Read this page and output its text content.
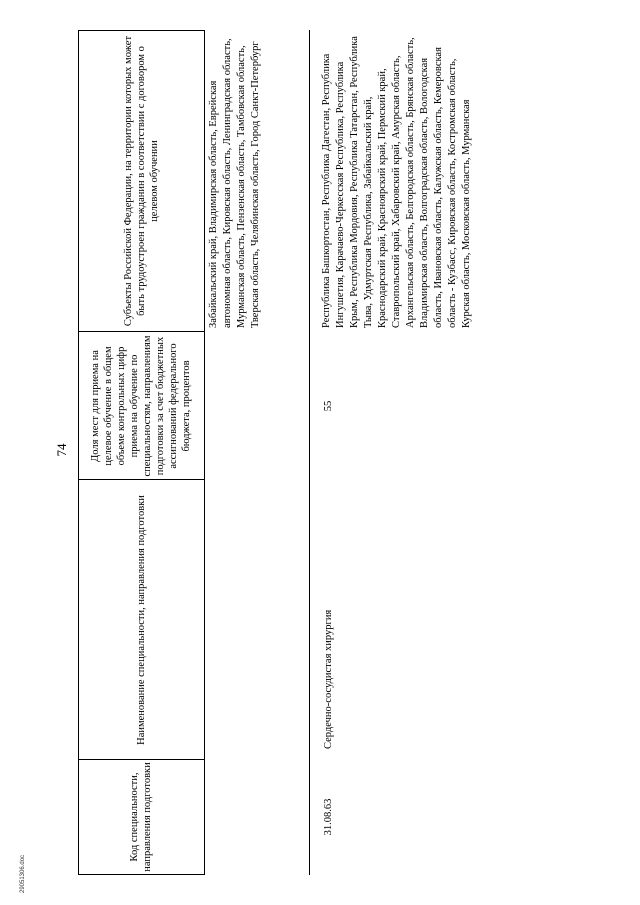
74
Код специальности, направления подготовки
Наименование специальности, направления подготовки
Доля мест для приема на целевое обучение в общем объеме контрольных цифр приема на обучение по специальностям, направлениям подготовки за счет бюджетных ассигнований федерального бюджета, процентов
Субъекты Российской Федерации, на территории которых может быть трудоустроен гражданин в соответствии с договором о целевом обучении	Забайкальский край, Владимирская область, Еврейская автономная область, Кировская область, Ленинградская область, Мурманская область, Пензенская область, Тамбовская область, Тверская область, Челябинская область, Город Санкт-Петербург
31.08.63
Сердечно-сосудистая хирургия
55
Республика Башкортостан, Республика Дагестан, Республика Ингушетия, Карачаево-Черкесская Республика, Республика Крым, Республика Мордовия, Республика Татарстан, Республика Тыва, Удмуртская Республика, Забайкальский край, Краснодарский край, Красноярский край, Пермский край, Ставропольский край, Хабаровский край, Амурская область, Архангельская область, Белгородская область, Брянская область, Владимирская область, Волгоградская область, Вологодская область, Ивановская область, Калужская область, Кемеровская область - Кузбасс, Кировская область, Костромская область, Курская область, Московская область, Мурманская
29051306.doc
